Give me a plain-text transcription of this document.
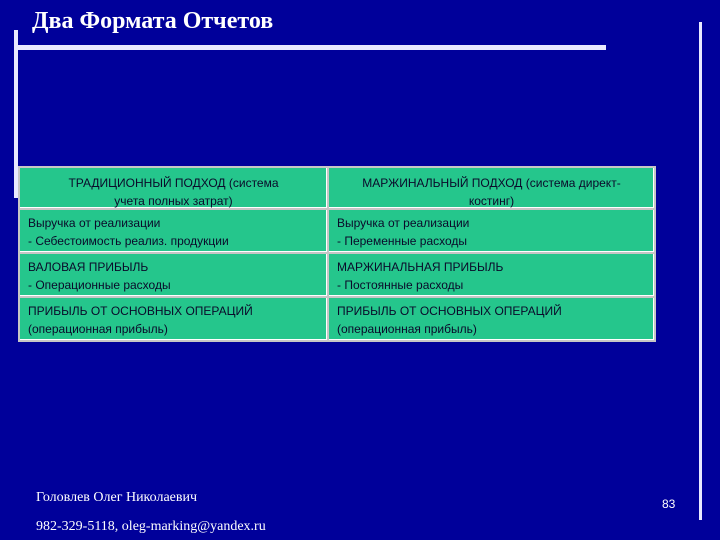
Два Формата Отчетов
ТРАДИЦИОННЫЙ ПОДХОД (система
учета полных затрат)
МАРЖИНАЛЬНЫЙ ПОДХОД (система директ-
костинг)
Выручка от реализации
- Себестоимость реализ. продукции
Выручка от реализации
- Переменные расходы
ВАЛОВАЯ ПРИБЫЛЬ
- Операционные расходы
МАРЖИНАЛЬНАЯ ПРИБЫЛЬ
- Постоянные расходы
ПРИБЫЛЬ ОТ ОСНОВНЫХ ОПЕРАЦИЙ
(операционная прибыль)
ПРИБЫЛЬ ОТ ОСНОВНЫХ ОПЕРАЦИЙ
(операционная прибыль)
Головлев Олег Николаевич
982-329-5118, oleg-marking@yandex.ru
83
